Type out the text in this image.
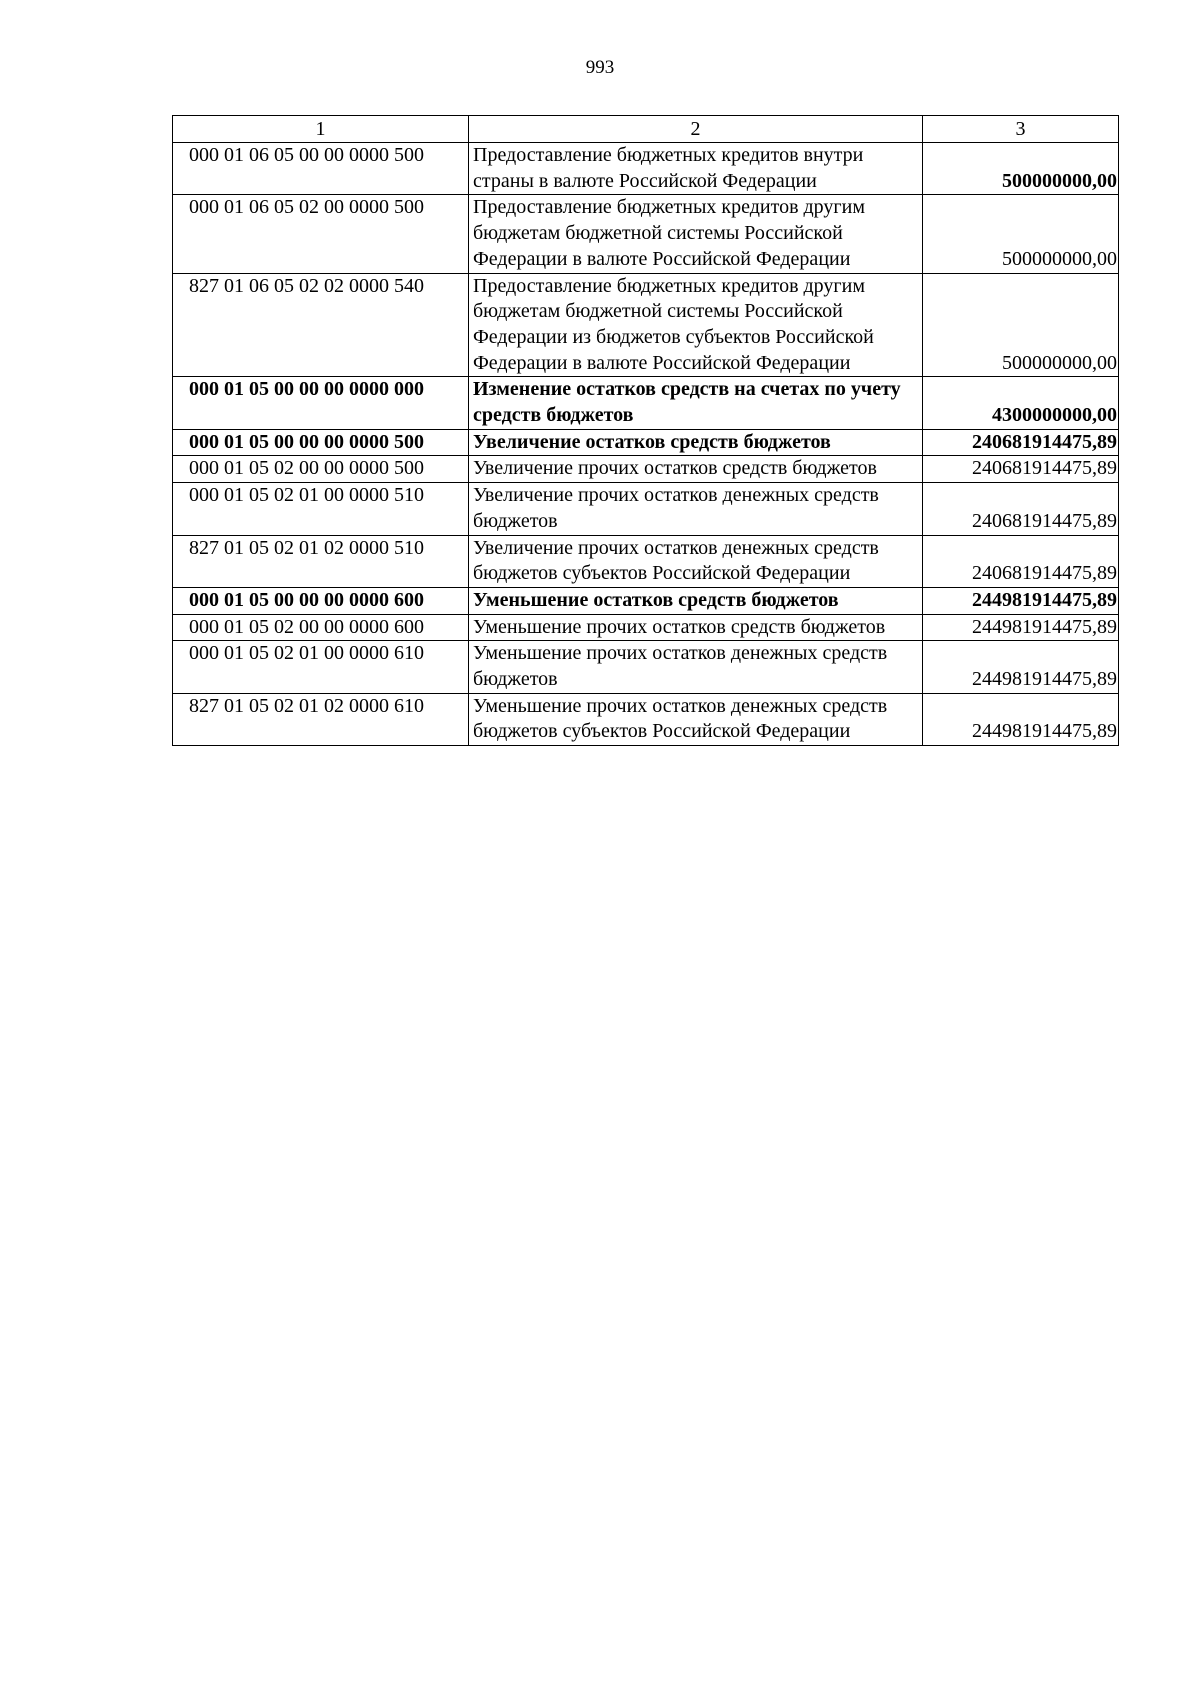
993
1	2	3
000 01 06 05 00 00 0000 500	Предоставление бюджетных кредитов внутри страны в валюте Российской Федерации	500000000,00
000 01 06 05 02 00 0000 500	Предоставление бюджетных кредитов другим бюджетам бюджетной системы Российской Федерации в валюте Российской Федерации	500000000,00
827 01 06 05 02 02 0000 540	Предоставление бюджетных кредитов другим бюджетам бюджетной системы Российской Федерации из бюджетов субъектов Российской Федерации в валюте Российской Федерации	500000000,00
000 01 05 00 00 00 0000 000	Изменение остатков средств на счетах по учету средств бюджетов	4300000000,00
000 01 05 00 00 00 0000 500	Увеличение остатков средств бюджетов	240681914475,89
000 01 05 02 00 00 0000 500	Увеличение прочих остатков средств бюджетов	240681914475,89
000 01 05 02 01 00 0000 510	Увеличение прочих остатков денежных средств бюджетов	240681914475,89
827 01 05 02 01 02 0000 510	Увеличение прочих остатков денежных средств бюджетов субъектов Российской Федерации	240681914475,89
000 01 05 00 00 00 0000 600	Уменьшение остатков средств бюджетов	244981914475,89
000 01 05 02 00 00 0000 600	Уменьшение прочих остатков средств бюджетов	244981914475,89
000 01 05 02 01 00 0000 610	Уменьшение прочих остатков денежных средств бюджетов	244981914475,89
827 01 05 02 01 02 0000 610	Уменьшение прочих остатков денежных средств бюджетов субъектов Российской Федерации	244981914475,89
